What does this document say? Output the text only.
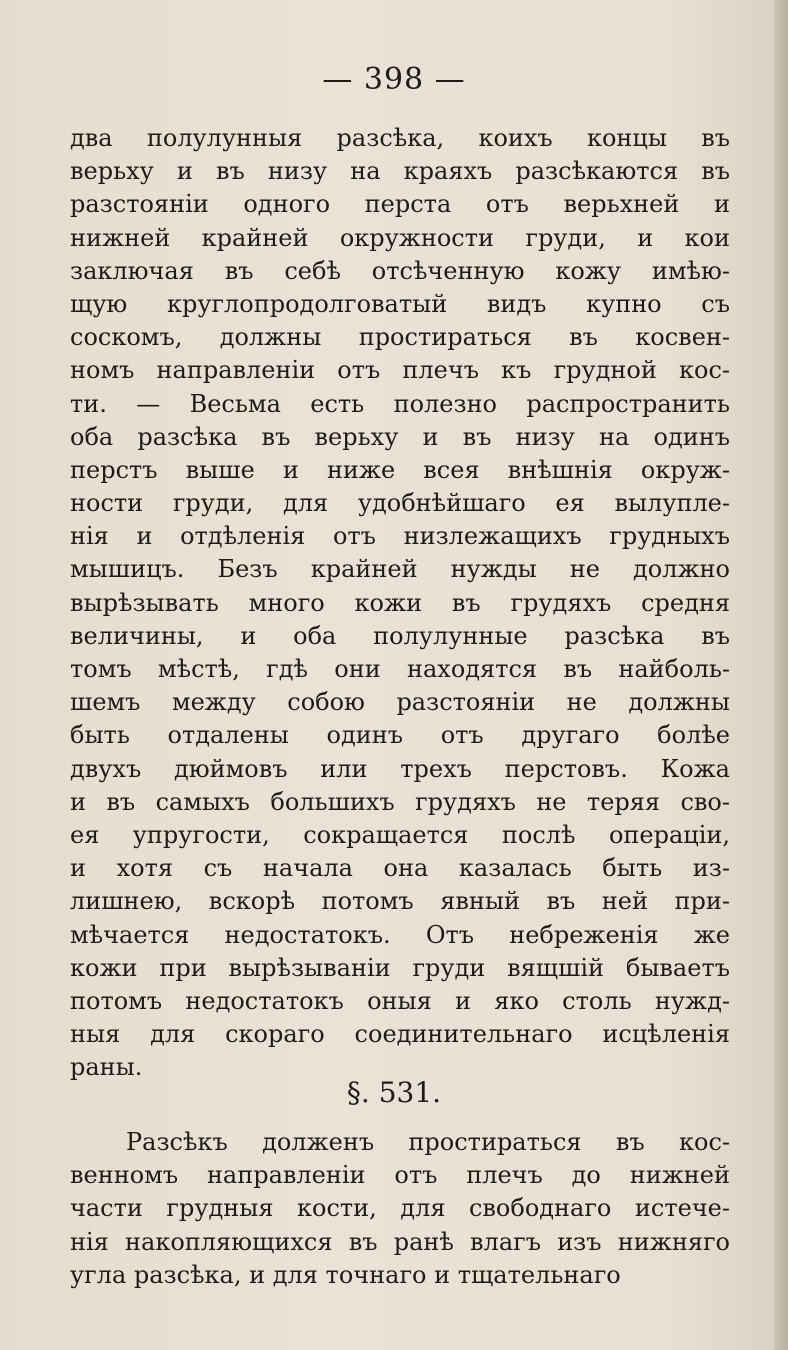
— 398 —
два полулунныя разсѣка, коихъ концы въ
верьху и въ низу на краяхъ разсѣкаются въ
разстояніи одного перста отъ верьхней и
нижней крайней окружности груди, и кои
заключая въ себѣ отсѣченную кожу имѣю-
щую круглопродолговатый видъ купно съ
соскомъ, должны простираться въ косвен-
номъ направленіи отъ плечъ къ грудной кос-
ти. — Весьма есть полезно распространить
оба разсѣка въ верьху и въ низу на одинъ
перстъ выше и ниже всея внѣшнія окруж-
ности груди, для удобнѣйшаго ея вылупле-
нія и отдѣленія отъ низлежащихъ грудныхъ
мышицъ. Безъ крайней нужды не должно
вырѣзывать много кожи въ грудяхъ средня
величины, и оба полулунные разсѣка въ
томъ мѣстѣ, гдѣ они находятся въ найболь-
шемъ между собою разстояніи не должны
быть отдалены одинъ отъ другаго болѣе
двухъ дюймовъ или трехъ перстовъ. Кожа
и въ самыхъ большихъ грудяхъ не теряя сво-
ея упругости, сокращается послѣ операціи,
и хотя съ начала она казалась быть из-
лишнею, вскорѣ потомъ явный въ ней при-
мѣчается недостатокъ. Отъ небреженія же
кожи при вырѣзываніи груди вящшій бываетъ
потомъ недостатокъ оныя и яко столь нужд-
ныя для скораго соединительнаго исцѣленія
раны.
§. 531.
Разсѣкъ долженъ простираться въ кос-
венномъ направленіи отъ плечъ до нижней
части грудныя кости, для свободнаго истече-
нія накопляющихся въ ранѣ влагъ изъ нижняго
угла разсѣка, и для точнаго и тщательнаго
